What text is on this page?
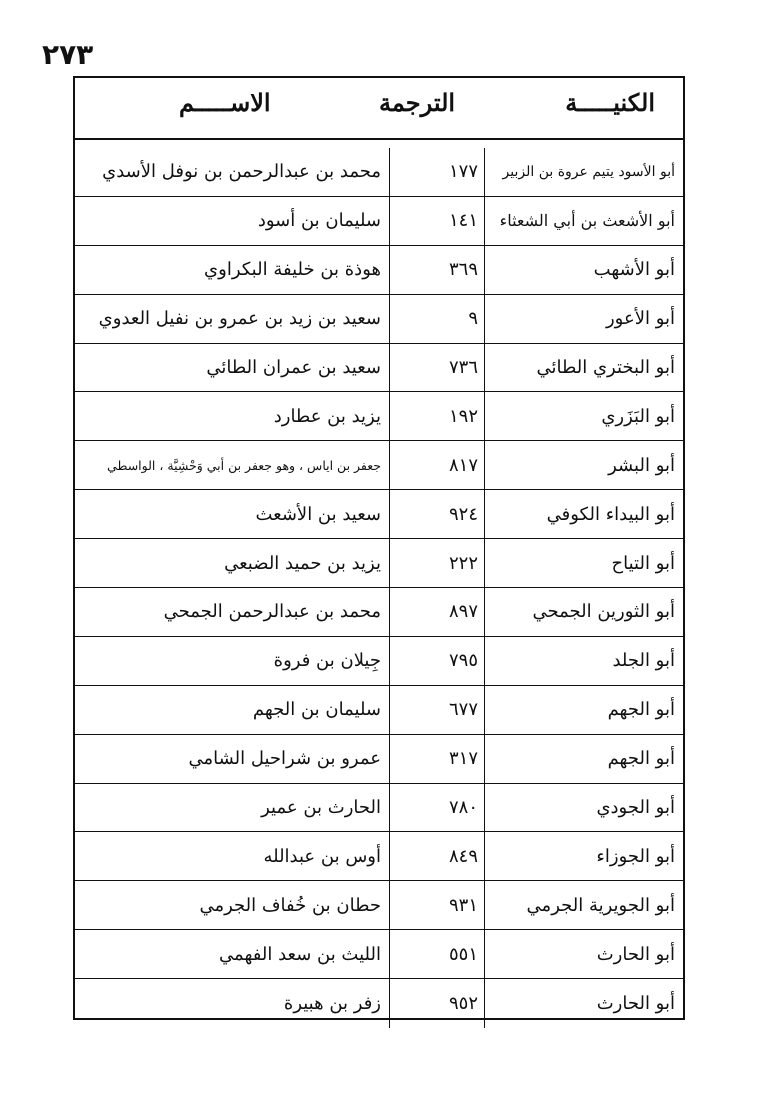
٢٧٣
الكنيـــــة
الترجمة
الاســـــم
أبو الأسود يتيم عروة بن الزبير
١٧٧
محمد بن عبدالرحمن بن نوفل الأسدي
أبو الأشعث بن أبي الشعثاء
١٤١
سليمان بن أسود
أبو الأشهب
٣٦٩
هوذة بن خليفة البكراوي
أبو الأعور
٩
سعيد بن زيد بن عمرو بن نفيل العدوي
أبو البختري الطائي
٧٣٦
سعيد بن عمران الطائي
أبو البَزَري
١٩٢
يزيد بن عطارد
أبو البشر
٨١٧
جعفر بن اياس ، وهو جعفر بن أبي وَحْشِيَّة ، الواسطي
أبو البيداء الكوفي
٩٢٤
سعيد بن الأشعث
أبو التياح
٢٢٢
يزيد بن حميد الضبعي
أبو الثورين الجمحي
٨٩٧
محمد بن عبدالرحمن الجمحي
أبو الجلد
٧٩٥
جِيلان بن فروة
أبو الجهم
٦٧٧
سليمان بن الجهم
أبو الجهم
٣١٧
عمرو بن شراحيل الشامي
أبو الجودي
٧٨٠
الحارث بن عمير
أبو الجوزاء
٨٤٩
أوس بن عبدالله
أبو الجويرية الجرمي
٩٣١
حطان بن خُفاف الجرمي
أبو الحارث
٥٥١
الليث بن سعد الفهمي
أبو الحارث
٩٥٢
زفر بن هبيرة
